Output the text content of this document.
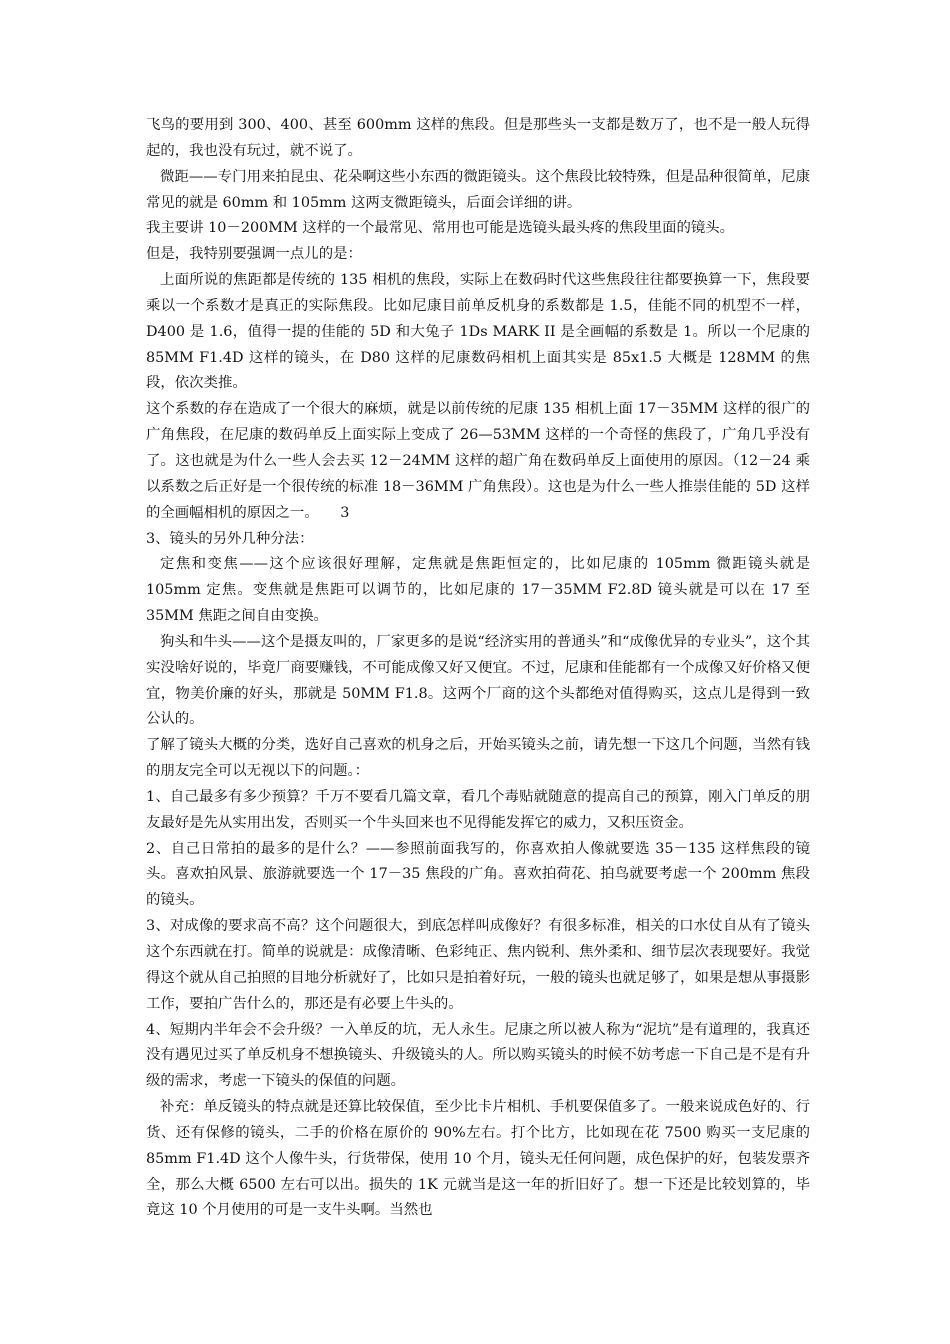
飞鸟的要用到 300、400、甚至 600mm 这样的焦段。但是那些头一支都是数万了，也不是一般人玩得起的，我也没有玩过，就不说了。

微距——专门用来拍昆虫、花朵啊这些小东西的微距镜头。这个焦段比较特殊，但是品种很简单，尼康常见的就是 60mm 和 105mm 这两支微距镜头，后面会详细的讲。

我主要讲 10－200MM 这样的一个最常见、常用也可能是选镜头最头疼的焦段里面的镜头。

但是，我特别要强调一点儿的是：

上面所说的焦距都是传统的 135 相机的焦段，实际上在数码时代这些焦段往往都要换算一下，焦段要乘以一个系数才是真正的实际焦段。比如尼康目前单反机身的系数都是 1.5，佳能不同的机型不一样，D400 是 1.6，值得一提的佳能的 5D 和大兔子 1Ds MARK II 是全画幅的系数是 1。所以一个尼康的 85MM F1.4D 这样的镜头，在 D80 这样的尼康数码相机上面其实是 85x1.5 大概是 128MM 的焦段，依次类推。

这个系数的存在造成了一个很大的麻烦，就是以前传统的尼康 135 相机上面 17－35MM 这样的很广的广角焦段，在尼康的数码单反上面实际上变成了 26—53MM 这样的一个奇怪的焦段了，广角几乎没有了。这也就是为什么一些人会去买 12－24MM 这样的超广角在数码单反上面使用的原因。（12－24 乘以系数之后正好是一个很传统的标准 18－36MM 广角焦段）。这也是为什么一些人推崇佳能的 5D 这样的全画幅相机的原因之一。　　3

3、镜头的另外几种分法：

定焦和变焦——这个应该很好理解，定焦就是焦距恒定的，比如尼康的 105mm 微距镜头就是 105mm 定焦。变焦就是焦距可以调节的，比如尼康的 17－35MM F2.8D 镜头就是可以在 17 至 35MM 焦距之间自由变换。

狗头和牛头——这个是摄友叫的，厂家更多的是说“经济实用的普通头”和“成像优异的专业头”，这个其实没啥好说的，毕竟厂商要赚钱，不可能成像又好又便宜。不过，尼康和佳能都有一个成像又好价格又便宜，物美价廉的好头，那就是 50MM F1.8。这两个厂商的这个头都绝对值得购买，这点儿是得到一致公认的。

了解了镜头大概的分类，选好自己喜欢的机身之后，开始买镜头之前，请先想一下这几个问题，当然有钱的朋友完全可以无视以下的问题。：

1、自己最多有多少预算？千万不要看几篇文章，看几个毒贴就随意的提高自己的预算，刚入门单反的朋友最好是先从实用出发，否则买一个牛头回来也不见得能发挥它的威力，又积压资金。

2、自己日常拍的最多的是什么？——参照前面我写的，你喜欢拍人像就要选 35－135 这样焦段的镜头。喜欢拍风景、旅游就要选一个 17－35 焦段的广角。喜欢拍荷花、拍鸟就要考虑一个 200mm 焦段的镜头。

3、对成像的要求高不高？这个问题很大，到底怎样叫成像好？有很多标准，相关的口水仗自从有了镜头这个东西就在打。简单的说就是：成像清晰、色彩纯正、焦内锐利、焦外柔和、细节层次表现要好。我觉得这个就从自己拍照的目地分析就好了，比如只是拍着好玩，一般的镜头也就足够了，如果是想从事摄影工作，要拍广告什么的，那还是有必要上牛头的。

4、短期内半年会不会升级？一入单反的坑，无人永生。尼康之所以被人称为“泥坑”是有道理的，我真还没有遇见过买了单反机身不想换镜头、升级镜头的人。所以购买镜头的时候不妨考虑一下自己是不是有升级的需求，考虑一下镜头的保值的问题。

补充：单反镜头的特点就是还算比较保值，至少比卡片相机、手机要保值多了。一般来说成色好的、行货、还有保修的镜头，二手的价格在原价的 90%左右。打个比方，比如现在花 7500 购买一支尼康的 85mm F1.4D 这个人像牛头，行货带保，使用 10 个月，镜头无任何问题，成色保护的好，包装发票齐全，那么大概 6500 左右可以出。损失的 1K 元就当是这一年的折旧好了。想一下还是比较划算的，毕竟这 10 个月使用的可是一支牛头啊。当然也
